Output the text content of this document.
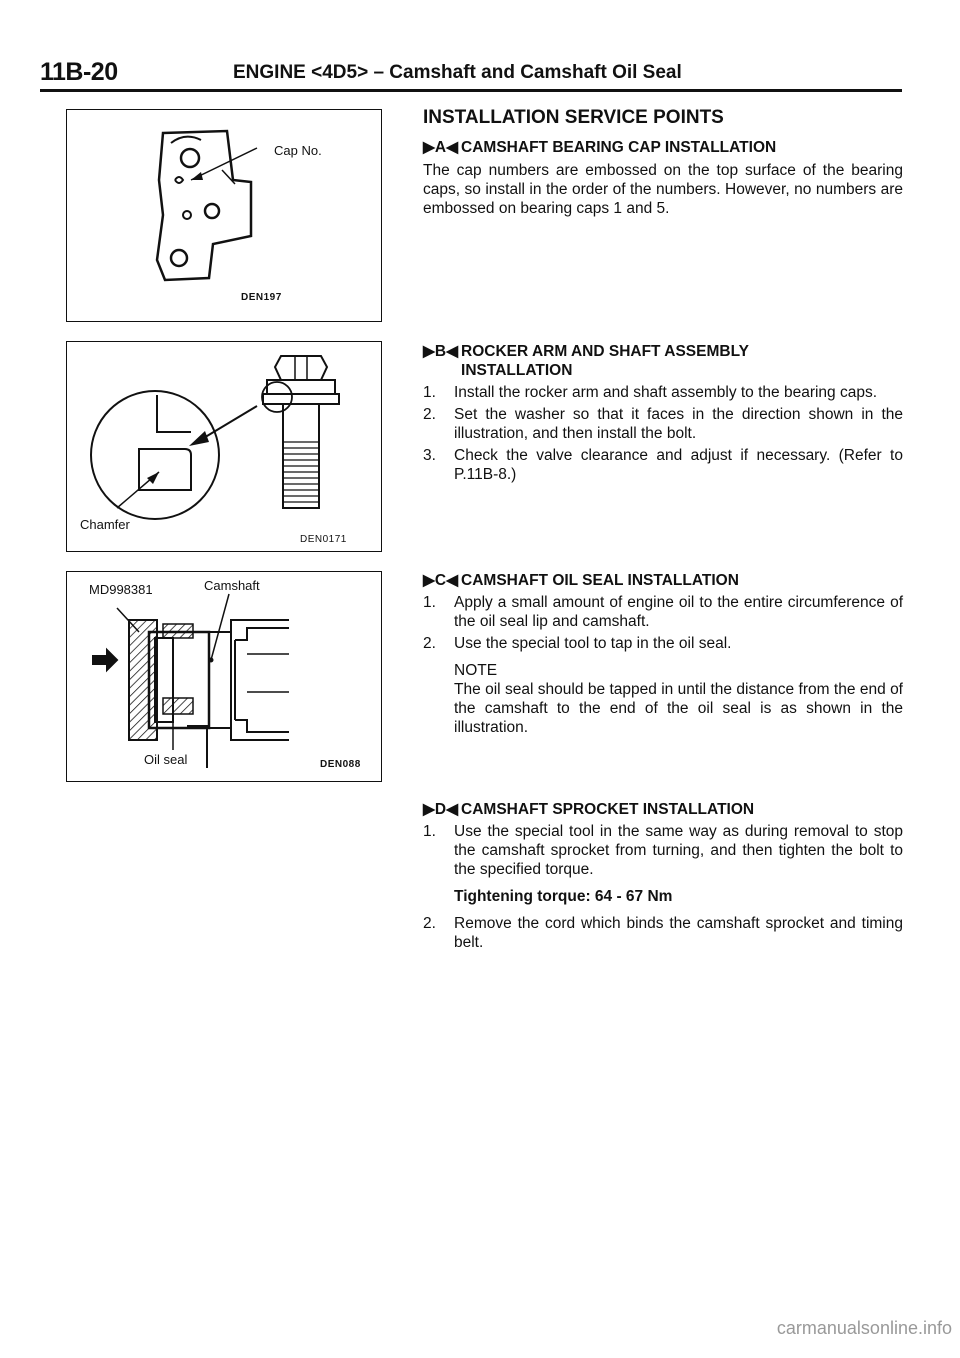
11B-20	ENGINE <4D5> – Camshaft and Camshaft Oil Seal
Cap No.
DEN197
Chamfer
DEN0171
MD998381	Camshaft
Oil seal	DEN088
INSTALLATION SERVICE POINTS
▶A◀ CAMSHAFT BEARING CAP INSTALLATION
The cap numbers are embossed on the top surface of the bearing caps, so install in the order of the numbers. However, no numbers are embossed on bearing caps 1 and 5.
▶B◀ ROCKER ARM AND SHAFT ASSEMBLY INSTALLATION
1.	Install the rocker arm and shaft assembly to the bearing caps.
2.	Set the washer so that it faces in the direction shown in the illustration, and then install the bolt.
3.	Check the valve clearance and adjust if necessary. (Refer to P.11B-8.)
▶C◀ CAMSHAFT OIL SEAL INSTALLATION
1.	Apply a small amount of engine oil to the entire circumference of the oil seal lip and camshaft.
2.	Use the special tool to tap in the oil seal.
NOTE
The oil seal should be tapped in until the distance from the end of the camshaft to the end of the oil seal is as shown in the illustration.
▶D◀ CAMSHAFT SPROCKET INSTALLATION
1.	Use the special tool in the same way as during removal to stop the camshaft sprocket from turning, and then tighten the bolt to the specified torque.
Tightening torque: 64 - 67 Nm
2.	Remove the cord which binds the camshaft sprocket and timing belt.
carmanualsonline.info
